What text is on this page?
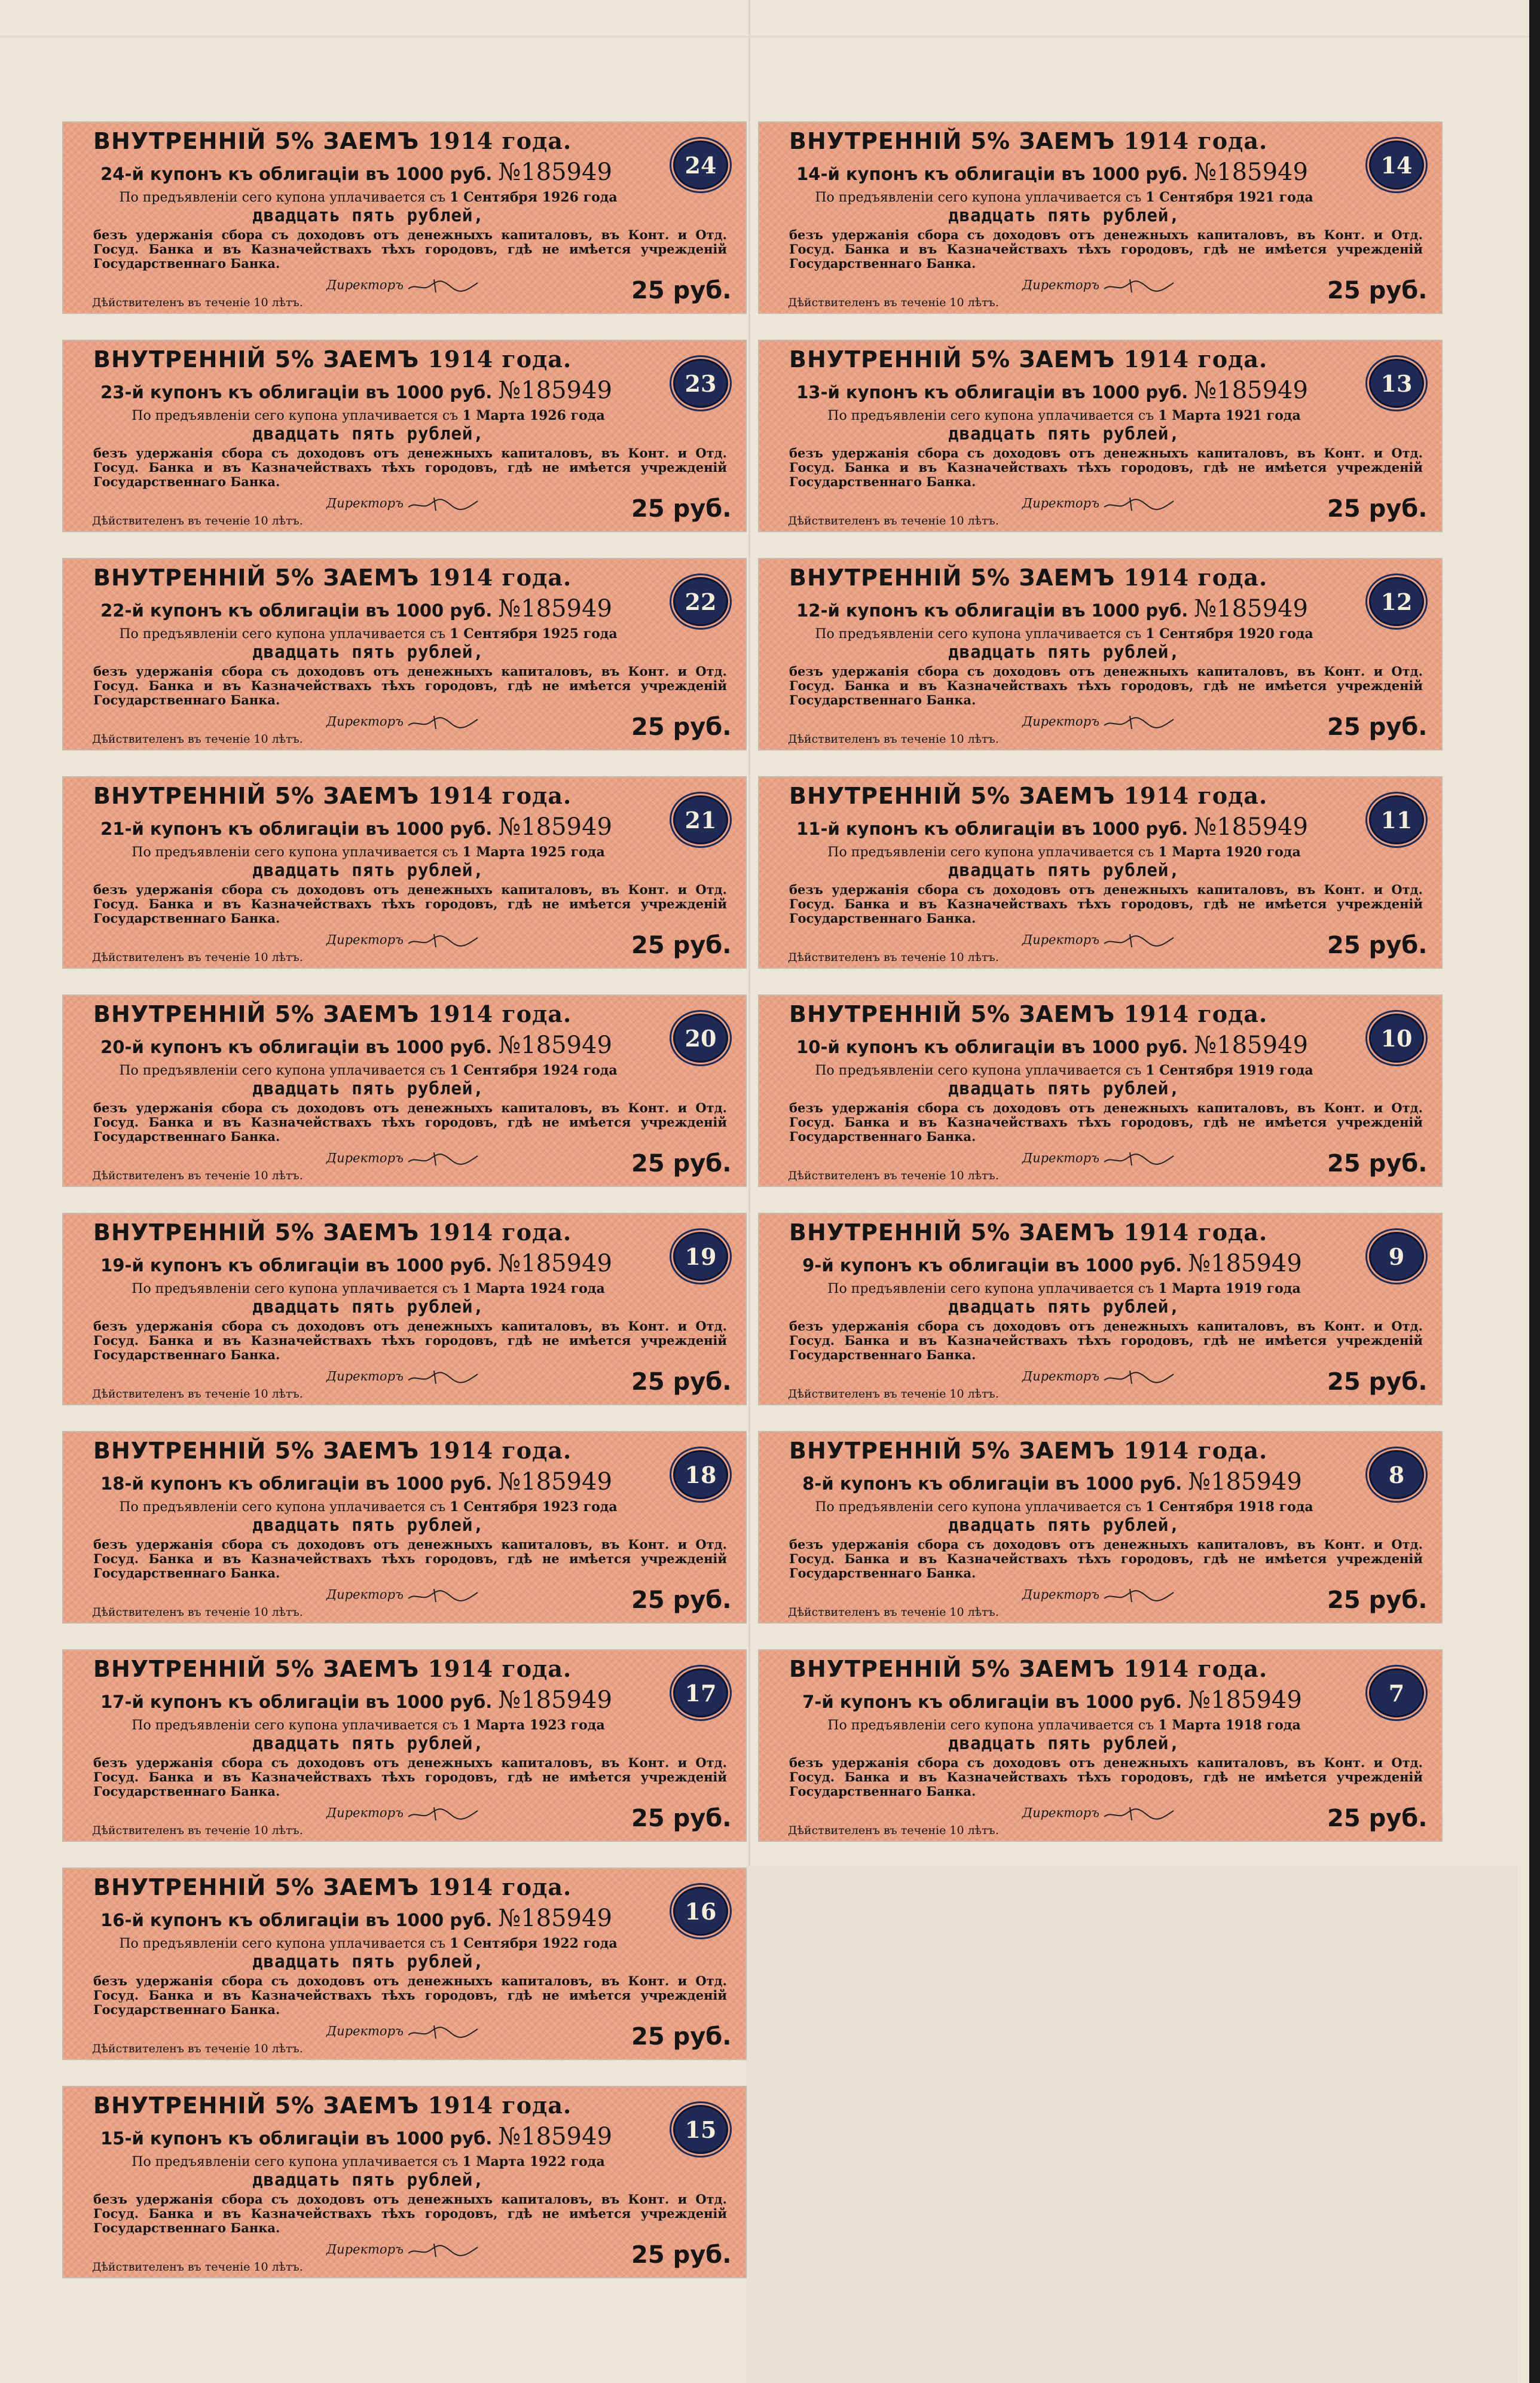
ВНУТРЕННІЙ 5% ЗАЕМЪ 1914 года.
24-й купонъ къ облигаціи въ 1000 руб. №185949
По предъявленіи сего купона уплачивается съ 1 Сентября 1926 года
двадцать пять рублей,
безъ удержанія сбора съ доходовъ отъ денежныхъ капиталовъ, въ Конт. и Отд. Госуд. Банка и въ Казначействахъ тѣхъ городовъ, гдѣ не имѣется учрежденій Государственнаго Банка.
Директоръ
Дѣйствителенъ въ теченіе 10 лѣтъ.	25 руб.
24
ВНУТРЕННІЙ 5% ЗАЕМЪ 1914 года.
14-й купонъ къ облигаціи въ 1000 руб. №185949
По предъявленіи сего купона уплачивается съ 1 Сентября 1921 года
двадцать пять рублей,
безъ удержанія сбора съ доходовъ отъ денежныхъ капиталовъ, въ Конт. и Отд. Госуд. Банка и въ Казначействахъ тѣхъ городовъ, гдѣ не имѣется учрежденій Государственнаго Банка.
Директоръ
Дѣйствителенъ въ теченіе 10 лѣтъ.	25 руб.
14
ВНУТРЕННІЙ 5% ЗАЕМЪ 1914 года.
23-й купонъ къ облигаціи въ 1000 руб. №185949
По предъявленіи сего купона уплачивается съ 1 Марта 1926 года
двадцать пять рублей,
безъ удержанія сбора съ доходовъ отъ денежныхъ капиталовъ, въ Конт. и Отд. Госуд. Банка и въ Казначействахъ тѣхъ городовъ, гдѣ не имѣется учрежденій Государственнаго Банка.
Директоръ
Дѣйствителенъ въ теченіе 10 лѣтъ.	25 руб.
23
ВНУТРЕННІЙ 5% ЗАЕМЪ 1914 года.
13-й купонъ къ облигаціи въ 1000 руб. №185949
По предъявленіи сего купона уплачивается съ 1 Марта 1921 года
двадцать пять рублей,
безъ удержанія сбора съ доходовъ отъ денежныхъ капиталовъ, въ Конт. и Отд. Госуд. Банка и въ Казначействахъ тѣхъ городовъ, гдѣ не имѣется учрежденій Государственнаго Банка.
Директоръ
Дѣйствителенъ въ теченіе 10 лѣтъ.	25 руб.
13
ВНУТРЕННІЙ 5% ЗАЕМЪ 1914 года.
22-й купонъ къ облигаціи въ 1000 руб. №185949
По предъявленіи сего купона уплачивается съ 1 Сентября 1925 года
двадцать пять рублей,
безъ удержанія сбора съ доходовъ отъ денежныхъ капиталовъ, въ Конт. и Отд. Госуд. Банка и въ Казначействахъ тѣхъ городовъ, гдѣ не имѣется учрежденій Государственнаго Банка.
Директоръ
Дѣйствителенъ въ теченіе 10 лѣтъ.	25 руб.
22
ВНУТРЕННІЙ 5% ЗАЕМЪ 1914 года.
12-й купонъ къ облигаціи въ 1000 руб. №185949
По предъявленіи сего купона уплачивается съ 1 Сентября 1920 года
двадцать пять рублей,
безъ удержанія сбора съ доходовъ отъ денежныхъ капиталовъ, въ Конт. и Отд. Госуд. Банка и въ Казначействахъ тѣхъ городовъ, гдѣ не имѣется учрежденій Государственнаго Банка.
Директоръ
Дѣйствителенъ въ теченіе 10 лѣтъ.	25 руб.
12
ВНУТРЕННІЙ 5% ЗАЕМЪ 1914 года.
21-й купонъ къ облигаціи въ 1000 руб. №185949
По предъявленіи сего купона уплачивается съ 1 Марта 1925 года
двадцать пять рублей,
безъ удержанія сбора съ доходовъ отъ денежныхъ капиталовъ, въ Конт. и Отд. Госуд. Банка и въ Казначействахъ тѣхъ городовъ, гдѣ не имѣется учрежденій Государственнаго Банка.
Директоръ
Дѣйствителенъ въ теченіе 10 лѣтъ.	25 руб.
21
ВНУТРЕННІЙ 5% ЗАЕМЪ 1914 года.
11-й купонъ къ облигаціи въ 1000 руб. №185949
По предъявленіи сего купона уплачивается съ 1 Марта 1920 года
двадцать пять рублей,
безъ удержанія сбора съ доходовъ отъ денежныхъ капиталовъ, въ Конт. и Отд. Госуд. Банка и въ Казначействахъ тѣхъ городовъ, гдѣ не имѣется учрежденій Государственнаго Банка.
Директоръ
Дѣйствителенъ въ теченіе 10 лѣтъ.	25 руб.
11
ВНУТРЕННІЙ 5% ЗАЕМЪ 1914 года.
20-й купонъ къ облигаціи въ 1000 руб. №185949
По предъявленіи сего купона уплачивается съ 1 Сентября 1924 года
двадцать пять рублей,
безъ удержанія сбора съ доходовъ отъ денежныхъ капиталовъ, въ Конт. и Отд. Госуд. Банка и въ Казначействахъ тѣхъ городовъ, гдѣ не имѣется учрежденій Государственнаго Банка.
Директоръ
Дѣйствителенъ въ теченіе 10 лѣтъ.	25 руб.
20
ВНУТРЕННІЙ 5% ЗАЕМЪ 1914 года.
10-й купонъ къ облигаціи въ 1000 руб. №185949
По предъявленіи сего купона уплачивается съ 1 Сентября 1919 года
двадцать пять рублей,
безъ удержанія сбора съ доходовъ отъ денежныхъ капиталовъ, въ Конт. и Отд. Госуд. Банка и въ Казначействахъ тѣхъ городовъ, гдѣ не имѣется учрежденій Государственнаго Банка.
Директоръ
Дѣйствителенъ въ теченіе 10 лѣтъ.	25 руб.
10
ВНУТРЕННІЙ 5% ЗАЕМЪ 1914 года.
19-й купонъ къ облигаціи въ 1000 руб. №185949
По предъявленіи сего купона уплачивается съ 1 Марта 1924 года
двадцать пять рублей,
безъ удержанія сбора съ доходовъ отъ денежныхъ капиталовъ, въ Конт. и Отд. Госуд. Банка и въ Казначействахъ тѣхъ городовъ, гдѣ не имѣется учрежденій Государственнаго Банка.
Директоръ
Дѣйствителенъ въ теченіе 10 лѣтъ.	25 руб.
19
ВНУТРЕННІЙ 5% ЗАЕМЪ 1914 года.
9-й купонъ къ облигаціи въ 1000 руб. №185949
По предъявленіи сего купона уплачивается съ 1 Марта 1919 года
двадцать пять рублей,
безъ удержанія сбора съ доходовъ отъ денежныхъ капиталовъ, въ Конт. и Отд. Госуд. Банка и въ Казначействахъ тѣхъ городовъ, гдѣ не имѣется учрежденій Государственнаго Банка.
Директоръ
Дѣйствителенъ въ теченіе 10 лѣтъ.	25 руб.
9
ВНУТРЕННІЙ 5% ЗАЕМЪ 1914 года.
18-й купонъ къ облигаціи въ 1000 руб. №185949
По предъявленіи сего купона уплачивается съ 1 Сентября 1923 года
двадцать пять рублей,
безъ удержанія сбора съ доходовъ отъ денежныхъ капиталовъ, въ Конт. и Отд. Госуд. Банка и въ Казначействахъ тѣхъ городовъ, гдѣ не имѣется учрежденій Государственнаго Банка.
Директоръ
Дѣйствителенъ въ теченіе 10 лѣтъ.	25 руб.
18
ВНУТРЕННІЙ 5% ЗАЕМЪ 1914 года.
8-й купонъ къ облигаціи въ 1000 руб. №185949
По предъявленіи сего купона уплачивается съ 1 Сентября 1918 года
двадцать пять рублей,
безъ удержанія сбора съ доходовъ отъ денежныхъ капиталовъ, въ Конт. и Отд. Госуд. Банка и въ Казначействахъ тѣхъ городовъ, гдѣ не имѣется учрежденій Государственнаго Банка.
Директоръ
Дѣйствителенъ въ теченіе 10 лѣтъ.	25 руб.
8
ВНУТРЕННІЙ 5% ЗАЕМЪ 1914 года.
17-й купонъ къ облигаціи въ 1000 руб. №185949
По предъявленіи сего купона уплачивается съ 1 Марта 1923 года
двадцать пять рублей,
безъ удержанія сбора съ доходовъ отъ денежныхъ капиталовъ, въ Конт. и Отд. Госуд. Банка и въ Казначействахъ тѣхъ городовъ, гдѣ не имѣется учрежденій Государственнаго Банка.
Директоръ
Дѣйствителенъ въ теченіе 10 лѣтъ.	25 руб.
17
ВНУТРЕННІЙ 5% ЗАЕМЪ 1914 года.
7-й купонъ къ облигаціи въ 1000 руб. №185949
По предъявленіи сего купона уплачивается съ 1 Марта 1918 года
двадцать пять рублей,
безъ удержанія сбора съ доходовъ отъ денежныхъ капиталовъ, въ Конт. и Отд. Госуд. Банка и въ Казначействахъ тѣхъ городовъ, гдѣ не имѣется учрежденій Государственнаго Банка.
Директоръ
Дѣйствителенъ въ теченіе 10 лѣтъ.	25 руб.
7
ВНУТРЕННІЙ 5% ЗАЕМЪ 1914 года.
16-й купонъ къ облигаціи въ 1000 руб. №185949
По предъявленіи сего купона уплачивается съ 1 Сентября 1922 года
двадцать пять рублей,
безъ удержанія сбора съ доходовъ отъ денежныхъ капиталовъ, въ Конт. и Отд. Госуд. Банка и въ Казначействахъ тѣхъ городовъ, гдѣ не имѣется учрежденій Государственнаго Банка.
Директоръ
Дѣйствителенъ въ теченіе 10 лѣтъ.	25 руб.
16
ВНУТРЕННІЙ 5% ЗАЕМЪ 1914 года.
15-й купонъ къ облигаціи въ 1000 руб. №185949
По предъявленіи сего купона уплачивается съ 1 Марта 1922 года
двадцать пять рублей,
безъ удержанія сбора съ доходовъ отъ денежныхъ капиталовъ, въ Конт. и Отд. Госуд. Банка и въ Казначействахъ тѣхъ городовъ, гдѣ не имѣется учрежденій Государственнаго Банка.
Директоръ
Дѣйствителенъ въ теченіе 10 лѣтъ.	25 руб.
15
